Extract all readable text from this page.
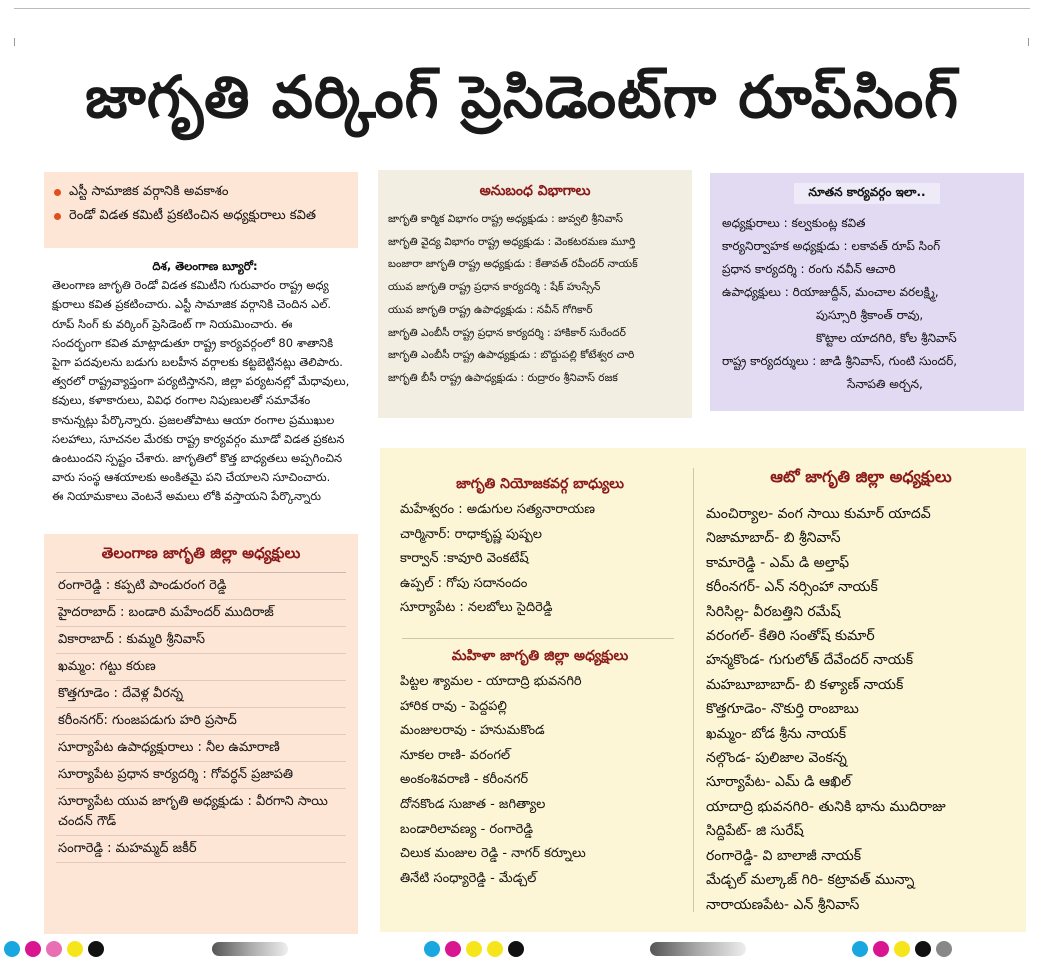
జాగృతి వర్కింగ్ ప్రెసిడెంట్‌గా రూప్‌సింగ్
ఎస్టీ సామాజిక వర్గానికి అవకాశం
రెండో విడత కమిటీ ప్రకటించిన అధ్యక్షురాలు కవిత
దిశ, తెలంగాణ బ్యూరో:
తెలంగాణ జాగృతి రెండో విడత కమిటీని గురువారం రాష్ట్ర అధ్య
క్షురాలు కవిత ప్రకటించారు. ఎస్టీ సామాజిక వర్గానికి చెందిన ఎల్.
రూప్ సింగ్ కు వర్కింగ్ ప్రెసిడెంట్ గా నియమించారు. ఈ
సందర్భంగా కవిత మాట్లాడుతూ రాష్ట్ర కార్యవర్గంలో 80 శాతానికి
పైగా పదవులను బడుగు బలహీన వర్గాలకు కట్టబెట్టినట్లు తెలిపారు.
త్వరలో రాష్ట్రవ్యాప్తంగా పర్యటిస్తానని, జిల్లా పర్యటనల్లో మేధావులు,
కవులు, కళాకారులు, వివిధ రంగాల నిపుణులతో సమావేశం
కానున్నట్లు పేర్కొన్నారు. ప్రజలతోపాటు ఆయా రంగాల ప్రముఖుల
సలహాలు, సూచనల మేరకు రాష్ట్ర కార్యవర్గం మూడో విడత ప్రకటన
ఉంటుందని స్పష్టం చేశారు. జాగృతిలో కొత్త బాధ్యతలు అప్పగించిన
వారు సంస్థ ఆశయాలకు అంకితమై పని చేయాలని సూచించారు.
ఈ నియామకాలు వెంటనే అమలు లోకి వస్తాయని పేర్కొన్నారు
తెలంగాణ జాగృతి జిల్లా అధ్యక్షులు
రంగారెడ్డి : కప్పటి పాండురంగ రెడ్డి
హైదరాబాద్ : బండారి మహేందర్ ముదిరాజ్
వికారాబాద్ : కుమ్మరి శ్రీనివాస్
ఖమ్మం: గట్టు కరుణ
కొత్తగూడెం : దేవెళ్ల వీరన్న
కరీంనగర్: గుంజపడుగు హరి ప్రసాద్
సూర్యాపేట ఉపాధ్యక్షురాలు : నీల ఉమారాణి
సూర్యాపేట ప్రధాన కార్యదర్శి : గోవర్ధన్ ప్రజాపతి
సూర్యాపేట యువ జాగృతి అధ్యక్షుడు : వీరగాని సాయి చందన్ గౌడ్
సంగారెడ్డి : మహమ్మద్ జకీర్
అనుబంధ విభాగాలు
జాగృతి కార్మిక విభాగం రాష్ట్ర అధ్యక్షుడు : జువ్వలి శ్రీనివాస్
జాగృతి వైద్య విభాగం రాష్ట్ర అధ్యక్షుడు : వెంకటరమణ మూర్తి
బంజారా జాగృతి రాష్ట్ర అధ్యక్షుడు : కేతావత్ రవీందర్ నాయక్
యువ జాగృతి రాష్ట్ర ప్రధాన కార్యదర్శి : షేక్ హుస్సేన్
యువ జాగృతి రాష్ట్ర ఉపాధ్యక్షుడు : నవీన్ గోగికార్
జాగృతి ఎంబీసీ రాష్ట్ర ప్రధాన కార్యదర్శి : హాకికార్ సురేందర్
జాగృతి ఎంబీసీ రాష్ట్ర ఉపాధ్యక్షుడు : బొద్దుపల్లి కోటేశ్వర చారి
జాగృతి బీసీ రాష్ట్ర ఉపాధ్యక్షుడు : రుద్రారం శ్రీనివాస్ రజక
నూతన కార్యవర్గం ఇలా..
అధ్యక్షురాలు : కల్వకుంట్ల కవిత
కార్యనిర్వాహక అధ్యక్షుడు : లకావత్ రూప్ సింగ్
ప్రధాన కార్యదర్శి : రంగు నవీన్ ఆచారి
ఉపాధ్యక్షులు : రియాజుద్దీన్, మంచాల వరలక్ష్మి,
పుస్సూరి శ్రీకాంత్ రావు,
కొట్టాల యాదగిరి, కోల శ్రీనివాస్
రాష్ట్ర కార్యదర్శులు : జాడి శ్రీనివాస్, గుంటి సుందర్,
సేనాపతి అర్చన,
జాగృతి నియోజకవర్గ బాధ్యులు
మహేశ్వరం : అడుగుల సత్యనారాయణ
చార్మినార్: రాధాకృష్ణ పుష్పల
కార్వాన్ :కావూరి వెంకటేష్
ఉప్పల్ : గోపు సదానందం
సూర్యాపేట : నలబోలు సైదిరెడ్డి
మహిళా జాగృతి జిల్లా అధ్యక్షులు
పిట్టల శ్యామల - యాదాద్రి భువనగిరి
హారిక రావు - పెద్దపల్లి
మంజులరావు - హనుమకొండ
నూకల రాణి- వరంగల్
అంకంశివరాణి - కరీంనగర్
దోనకొండ సుజాత - జగిత్యాల
బండారిలావణ్య - రంగారెడ్డి
చిలుక మంజుల రెడ్డి - నాగర్ కర్నూలు
తినేటి సంధ్యారెడ్డి - మేడ్చల్
ఆటో జాగృతి జిల్లా అధ్యక్షులు
మంచిర్యాల- వంగ సాయి కుమార్ యాదవ్
నిజామాబాద్- బి శ్రీనివాస్
కామారెడ్డి - ఎమ్ డి అల్తాఫ్
కరీంనగర్- ఎన్ నర్సింహా నాయక్
సిరిసిల్ల- వీరబత్తిని రమేష్
వరంగల్- కేతిరి సంతోష్ కుమార్
హన్మకొండ- గుగులోత్ దేవేందర్ నాయక్
మహబూబాబాద్- బి కళ్యాణ్ నాయక్
కొత్తగూడెం- నొకుర్తి రాంబాబు
ఖమ్మం- బోడ శ్రీను నాయక్
నల్గొండ- పులిజాల వెంకన్న
సూర్యాపేట- ఎమ్ డి ఆఖిల్
యాదాద్రి భువనగిరి- తునికి భాను ముదిరాజు
సిద్దిపేట్- జి సురేష్
రంగారెడ్డి- వి బాలాజీ నాయక్
మేడ్చల్ మల్కాజ్ గిరి- కట్రావత్ మున్నా
నారాయణపేట- ఎన్ శ్రీనివాస్
